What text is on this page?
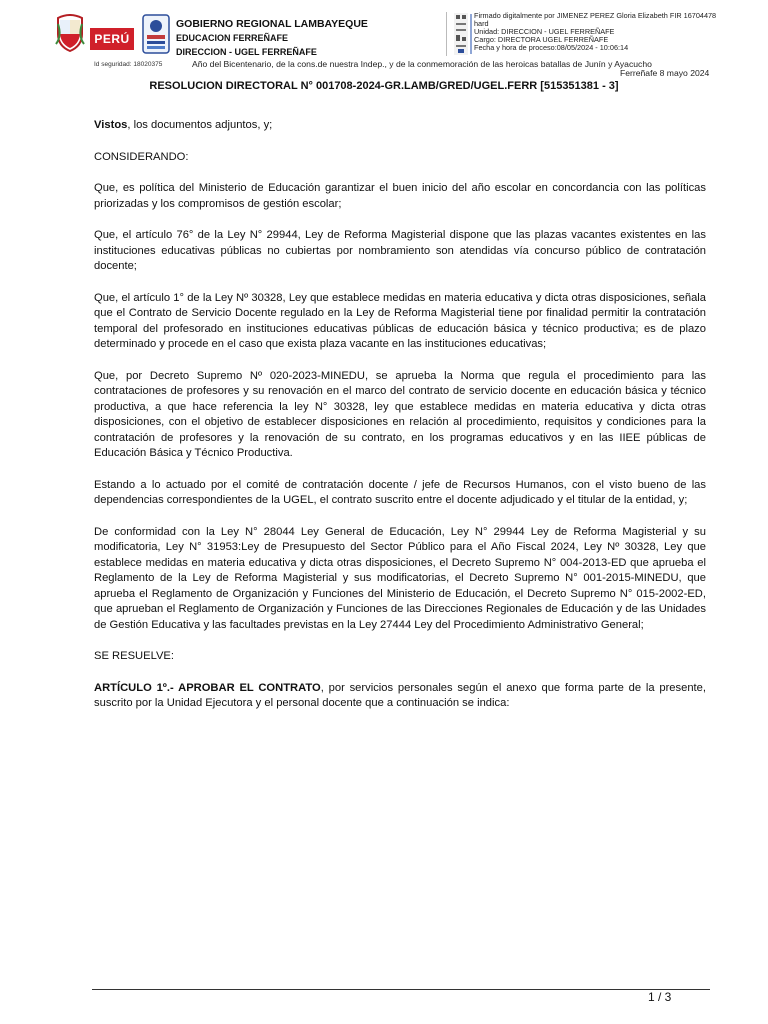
PERÚ
GOBIERNO REGIONAL LAMBAYEQUE
EDUCACION FERREÑAFE
DIRECCION - UGEL FERREÑAFE
Firmado digitalmente por JIMENEZ PEREZ Gloria Elizabeth FIR 16704478
hard
Unidad: DIRECCION - UGEL FERREÑAFE
Cargo: DIRECTORA UGEL FERREÑAFE
Fecha y hora de proceso:08/05/2024 - 10:06:14
Id seguridad: 18020375	Año del Bicentenario, de la cons.de nuestra Indep., y de la conmemoración de las heroicas batallas de Junín y Ayacucho
Ferreñafe 8 mayo 2024
RESOLUCION DIRECTORAL N° 001708-2024-GR.LAMB/GRED/UGEL.FERR [515351381 - 3]

Vistos, los documentos adjuntos, y;

CONSIDERANDO:

Que, es política del Ministerio de Educación garantizar el buen inicio del año escolar en concordancia con las políticas priorizadas y los compromisos de gestión escolar;

Que, el artículo 76° de la Ley N° 29944, Ley de Reforma Magisterial dispone que las plazas vacantes existentes en las instituciones educativas públicas no cubiertas por nombramiento son atendidas vía concurso público de contratación docente;

Que, el artículo 1° de la Ley Nº 30328, Ley que establece medidas en materia educativa y dicta otras disposiciones, señala que el Contrato de Servicio Docente regulado en la Ley de Reforma Magisterial tiene por finalidad permitir la contratación temporal del profesorado en instituciones educativas públicas de educación básica y técnico productiva; es de plazo determinado y procede en el caso que exista plaza vacante en las instituciones educativas;

Que, por Decreto Supremo Nº 020-2023-MINEDU, se aprueba la Norma que regula el procedimiento para las contrataciones de profesores y su renovación en el marco del contrato de servicio docente en educación básica y técnico productiva, a que hace referencia la ley N° 30328, ley que establece medidas en materia educativa y dicta otras disposiciones, con el objetivo de establecer disposiciones en relación al procedimiento, requisitos y condiciones para la contratación de profesores y la renovación de su contrato, en los programas educativos y en las IIEE públicas de Educación Básica y Técnico Productiva.

Estando a lo actuado por el comité de contratación docente / jefe de Recursos Humanos, con el visto bueno de las dependencias correspondientes de la UGEL, el contrato suscrito entre el docente adjudicado y el titular de la entidad, y;

De conformidad con la Ley N° 28044 Ley General de Educación, Ley N° 29944 Ley de Reforma Magisterial y su modificatoria, Ley N° 31953:Ley de Presupuesto del Sector Público para el Año Fiscal 2024, Ley Nº 30328, Ley que establece medidas en materia educativa y dicta otras disposiciones, el Decreto Supremo N° 004-2013-ED que aprueba el Reglamento de la Ley de Reforma Magisterial y sus modificatorias, el Decreto Supremo N° 001-2015-MINEDU, que aprueba el Reglamento de Organización y Funciones del Ministerio de Educación, el Decreto Supremo N° 015-2002-ED, que aprueban el Reglamento de Organización y Funciones de las Direcciones Regionales de Educación y de las Unidades de Gestión Educativa y las facultades previstas en la Ley 27444 Ley del Procedimiento Administrativo General;

SE RESUELVE:

ARTÍCULO 1º.- APROBAR EL CONTRATO, por servicios personales según el anexo que forma parte de la presente, suscrito por la Unidad Ejecutora y el personal docente que a continuación se indica:

1 / 3
